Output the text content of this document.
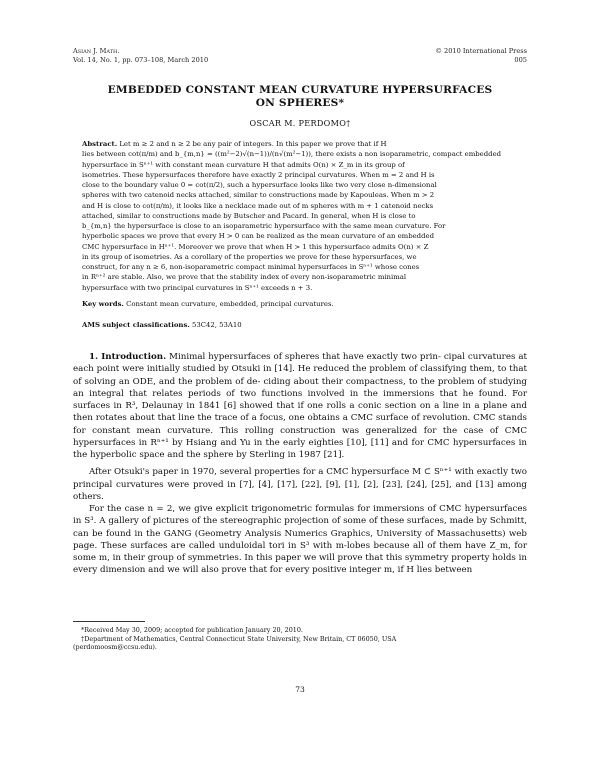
Asian J. Math.
Vol. 14, No. 1, pp. 073–108, March 2010
© 2010 International Press
005
EMBEDDED CONSTANT MEAN CURVATURE HYPERSURFACES
ON SPHERES*
OSCAR M. PERDOMO†
Abstract. Let m ≥ 2 and n ≥ 2 be any pair of integers. In this paper we prove that if H
lies between cot(π/m) and b_{m,n} = ((m²−2)√(n−1))/(n√(m²−1)), there exists a non isoparametric, compact embedded
hypersurface in Sⁿ⁺¹ with constant mean curvature H that admits O(n) × Z_m in its group of
isometries. These hypersurfaces therefore have exactly 2 principal curvatures. When m = 2 and H is
close to the boundary value 0 = cot(π/2), such a hypersurface looks like two very close n-dimensional
spheres with two catenoid necks attached, similar to constructions made by Kapouleas. When m > 2
and H is close to cot(π/m), it looks like a necklace made out of m spheres with m + 1 catenoid necks
attached, similar to constructions made by Butscher and Pacard. In general, when H is close to
b_{m,n} the hypersurface is close to an isoparametric hypersurface with the same mean curvature. For
hyperbolic spaces we prove that every H > 0 can be realized as the mean curvature of an embedded
CMC hypersurface in Hⁿ⁺¹. Moreover we prove that when H > 1 this hypersurface admits O(n) × Z
in its group of isometries. As a corollary of the properties we prove for these hypersurfaces, we
construct, for any n ≥ 6, non-isoparametric compact minimal hypersurfaces in Sⁿ⁺¹ whose cones
in Rⁿ⁺² are stable. Also, we prove that the stability index of every non-isoparametric minimal
hypersurface with two principal curvatures in Sⁿ⁺¹ exceeds n + 3.
Key words. Constant mean curvature, embedded, principal curvatures.
AMS subject classifications. 53C42, 53A10

1. Introduction. Minimal hypersurfaces of spheres that have exactly two prin- cipal curvatures at each point were initially studied by Otsuki in [14]. He reduced the problem of classifying them, to that of solving an ODE, and the problem of de- ciding about their compactness, to the problem of studying an integral that relates periods of two functions involved in the immersions that he found. For surfaces in R³, Delaunay in 1841 [6] showed that if one rolls a conic section on a line in a plane and then rotates about that line the trace of a focus, one obtains a CMC surface of revolution. CMC stands for constant mean curvature. This rolling construction was generalized for the case of CMC hypersurfaces in Rⁿ⁺¹ by Hsiang and Yu in the early eighties [10], [11] and for CMC hypersurfaces in the hyperbolic space and the sphere by Sterling in 1987 [21].

After Otsuki's paper in 1970, several properties for a CMC hypersurface M ⊂ Sⁿ⁺¹ with exactly two principal curvatures were proved in [7], [4], [17], [22], [9], [1], [2], [23], [24], [25], and [13] among others.

For the case n = 2, we give explicit trigonometric formulas for immersions of CMC hypersurfaces in S³. A gallery of pictures of the stereographic projection of some of these surfaces, made by Schmitt, can be found in the GANG (Geometry Analysis Numerics Graphics, University of Massachusetts) web page. These surfaces are called unduloidal tori in S³ with m-lobes because all of them have Z_m, for some m, in their group of symmetries. In this paper we will prove that this symmetry property holds in every dimension and we will also prove that for every positive integer m, if H lies between

*Received May 30, 2009; accepted for publication January 20, 2010.

†Department of Mathematics, Central Connecticut State University, New Britain, CT 06050, USA

(perdomoosm@ccsu.edu).
73
